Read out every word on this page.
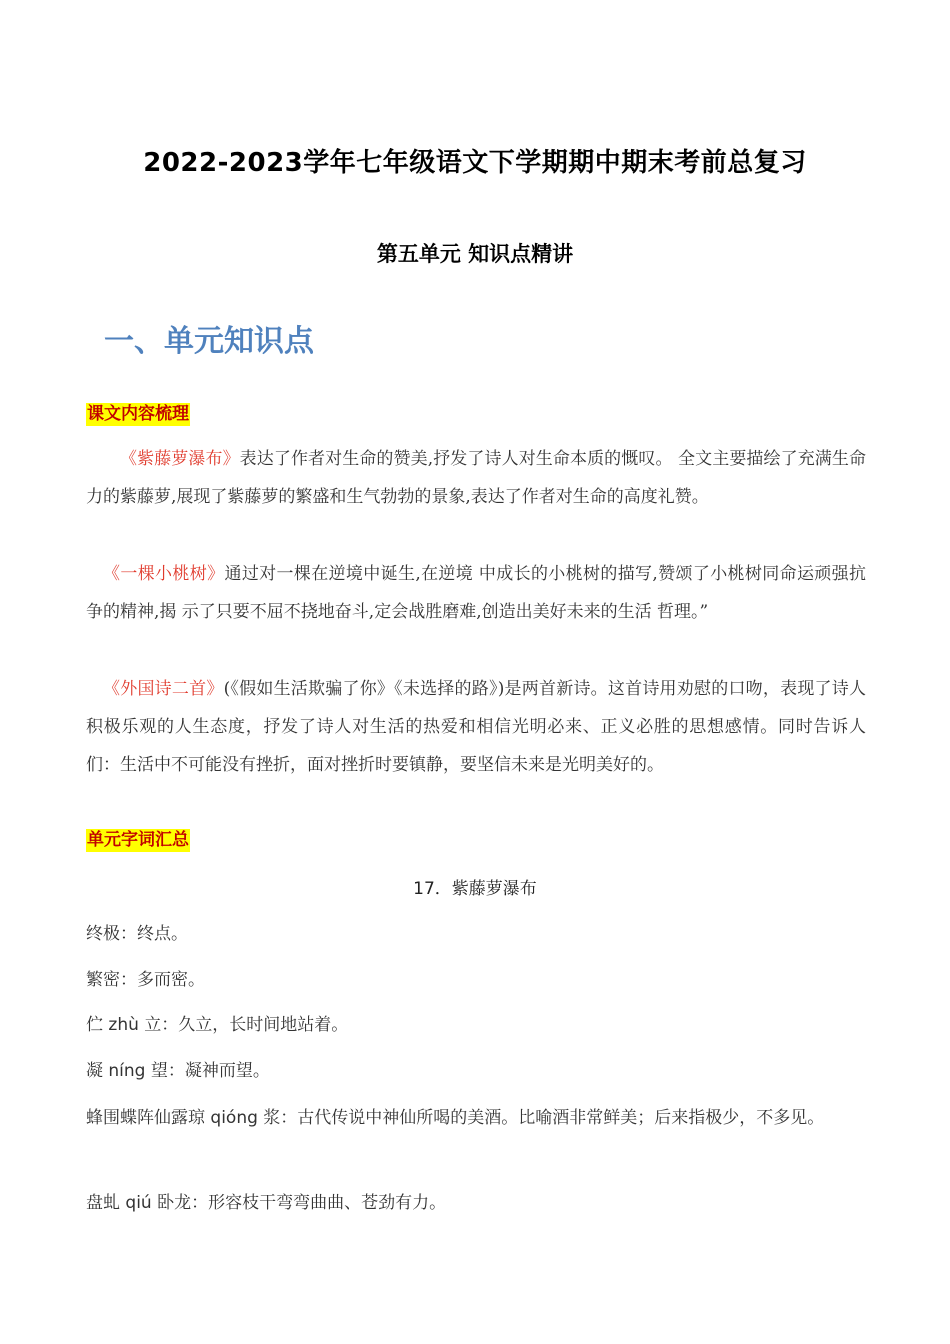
2022-2023学年七年级语文下学期期中期末考前总复习
第五单元 知识点精讲
一、单元知识点
课文内容梳理

《紫藤萝瀑布》表达了作者对生命的赞美,抒发了诗人对生命本质的慨叹。 全文主要描绘了充满生命力的紫藤萝,展现了紫藤萝的繁盛和生气勃勃的景象,表达了作者对生命的高度礼赞。

《一棵小桃树》通过对一棵在逆境中诞生,在逆境 中成长的小桃树的描写,赞颂了小桃树同命运顽强抗争的精神,揭 示了只要不屈不挠地奋斗,定会战胜磨难,创造出美好未来的生活 哲理。”

《外国诗二首》(《假如生活欺骗了你》《未选择的路》)是两首新诗。这首诗用劝慰的口吻，表现了诗人积极乐观的人生态度，抒发了诗人对生活的热爱和相信光明必来、正义必胜的思想感情。同时告诉人们：生活中不可能没有挫折，面对挫折时要镇静，要坚信未来是光明美好的。

单元字词汇总
17．紫藤萝瀑布
终极：终点。
繁密：多而密。
伫 zhù 立：久立，长时间地站着。
凝 níng 望：凝神而望。
蜂围蝶阵仙露琼 qióng 浆：古代传说中神仙所喝的美酒。比喻酒非常鲜美；后来指极少，不多见。
盘虬 qiú 卧龙：形容枝干弯弯曲曲、苍劲有力。
